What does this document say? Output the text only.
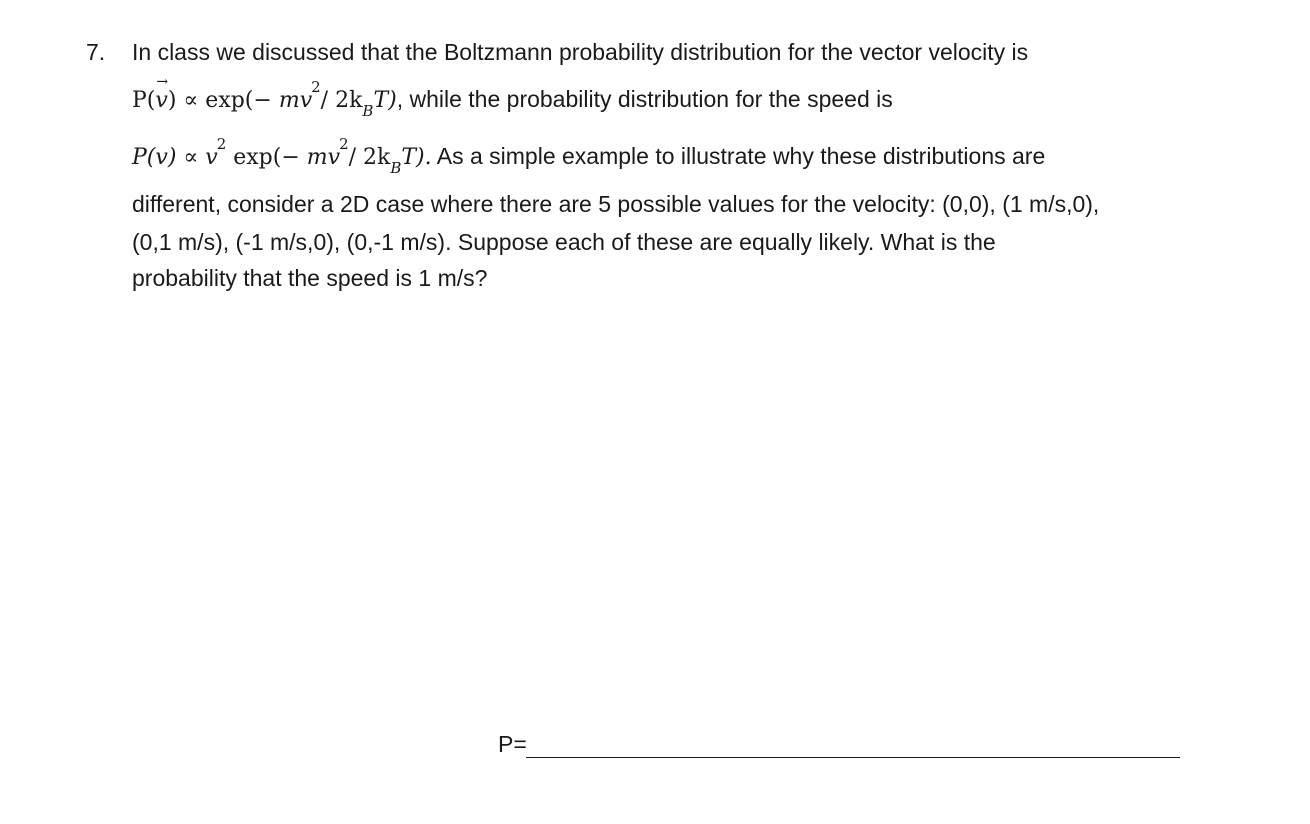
7. In class we discussed that the Boltzmann probability distribution for the vector velocity is
P(
→
$v) \propto \exp(- mv^2/$ $2k_BT$), while the probability distribution for the speed is
$P(v) \propto v^2$ $\exp(- mv^2/$ $2k_BT$). As a simple example to illustrate why these distributions are
different, consider a 2D case where there are 5 possible values for the velocity: (0,0), (1 m/s,0),
(0,1 m/s), (-1 m/s,0), (0,-1 m/s). Suppose each of these are equally likely. What is the
probability that the speed is 1 m/s?
P=
